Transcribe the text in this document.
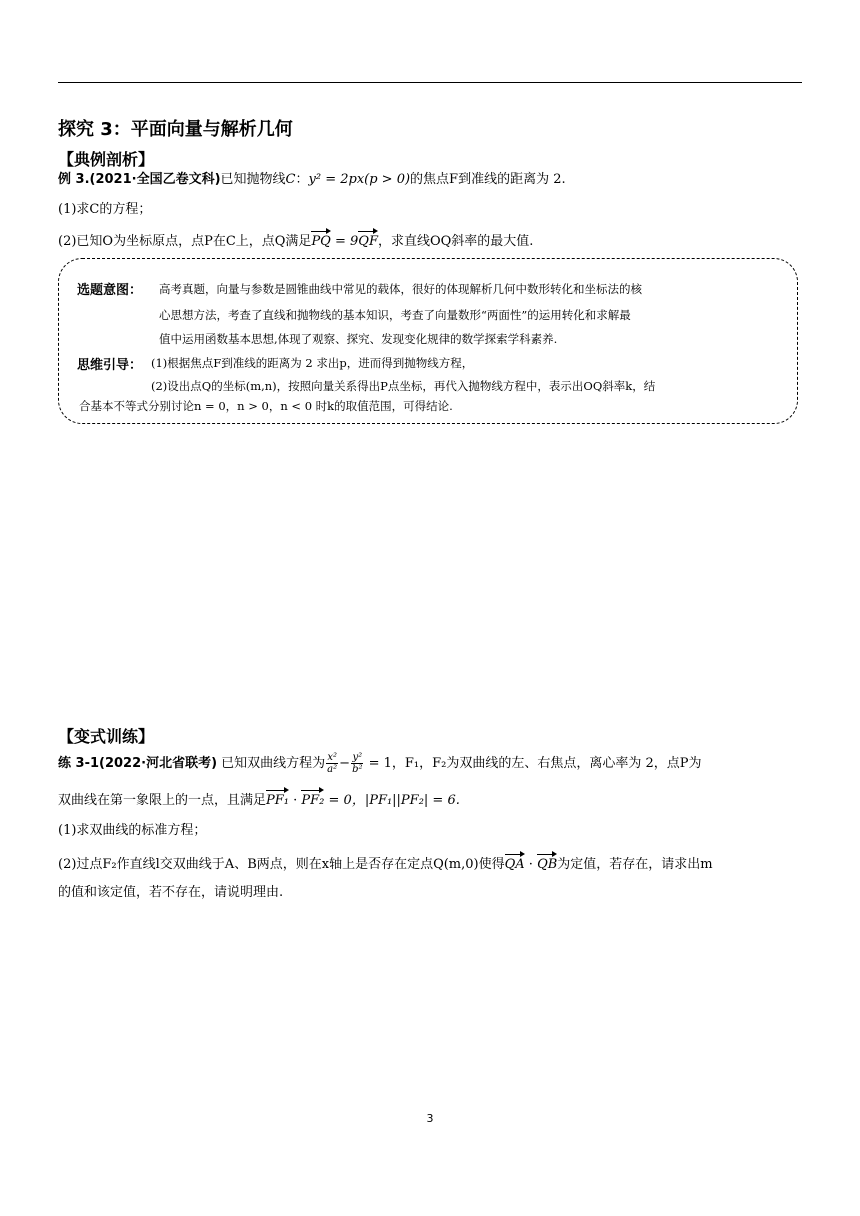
探究 3：平面向量与解析几何
【典例剖析】
例 3.(2021·全国乙卷文科)已知抛物线C：y² = 2px(p > 0)的焦点F到准线的距离为 2.
(1)求C的方程；
(2)已知O为坐标原点，点P在C上，点Q满足PQ = 9QF，求直线OQ斜率的最大值.
选题意图： 高考真题，向量与参数是圆锥曲线中常见的载体，很好的体现解析几何中数形转化和坐标法的核
心思想方法，考查了直线和抛物线的基本知识，考查了向量数形“两面性”的运用转化和求解最
值中运用函数基本思想,体现了观察、探究、发现变化规律的数学探索学科素养.
思维引导： (1)根据焦点F到准线的距离为 2 求出p，进而得到抛物线方程，
(2)设出点Q的坐标(m,n)，按照向量关系得出P点坐标，再代入抛物线方程中，表示出OQ斜率k，结
合基本不等式分别讨论n = 0，n > 0，n < 0 时k的取值范围，可得结论.
【变式训练】
练 3-1(2022·河北省联考) 已知双曲线方程为 $\frac{\text{x²}}{\text{a²}} - \frac{\text{y²}}{\text{b²}} = 1$，F₁，F₂为双曲线的左、右焦点，离心率为 2，点P为
双曲线在第一象限上的一点，且满足PF₁ · PF₂ = 0，|PF₁||PF₂| = 6.
(1)求双曲线的标准方程；
(2)过点F₂作直线l交双曲线于A、B两点，则在x轴上是否存在定点Q(m,0)使得QA · QB为定值，若存在，请求出m
的值和该定值，若不存在，请说明理由.
3
